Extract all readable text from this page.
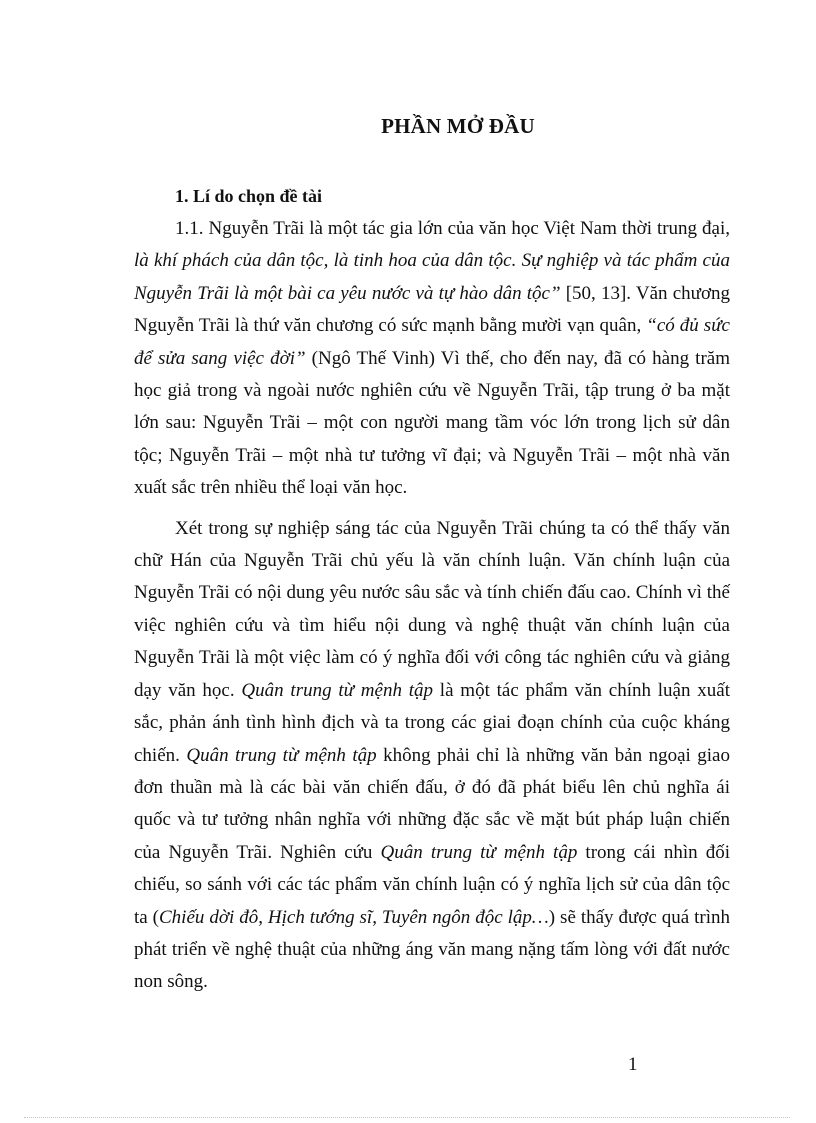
PHẦN MỞ ĐẦU
1. Lí do chọn đề tài

1.1. Nguyễn Trãi là một tác gia lớn của văn học Việt Nam thời trung đại, là khí phách của dân tộc, là tinh hoa của dân tộc. Sự nghiệp và tác phẩm của Nguyễn Trãi là một bài ca yêu nước và tự hào dân tộc” [50, 13]. Văn chương Nguyễn Trãi là thứ văn chương có sức mạnh bằng mười vạn quân, “có đủ sức để sửa sang việc đời” (Ngô Thế Vinh) Vì thế, cho đến nay, đã có hàng trăm học giả trong và ngoài nước nghiên cứu về Nguyễn Trãi, tập trung ở ba mặt lớn sau: Nguyễn Trãi – một con người mang tầm vóc lớn trong lịch sử dân tộc; Nguyễn Trãi – một nhà tư tưởng vĩ đại; và Nguyễn Trãi – một nhà văn xuất sắc trên nhiều thể loại văn học.

Xét trong sự nghiệp sáng tác của Nguyễn Trãi chúng ta có thể thấy văn chữ Hán của Nguyễn Trãi chủ yếu là văn chính luận. Văn chính luận của Nguyễn Trãi có nội dung yêu nước sâu sắc và tính chiến đấu cao. Chính vì thế việc nghiên cứu và tìm hiểu nội dung và nghệ thuật văn chính luận của Nguyễn Trãi là một việc làm có ý nghĩa đối với công tác nghiên cứu và giảng dạy văn học. Quân trung từ mệnh tập là một tác phẩm văn chính luận xuất sắc, phản ánh tình hình địch và ta trong các giai đoạn chính của cuộc kháng chiến. Quân trung từ mệnh tập không phải chỉ là những văn bản ngoại giao đơn thuần mà là các bài văn chiến đấu, ở đó đã phát biểu lên chủ nghĩa ái quốc và tư tưởng nhân nghĩa với những đặc sắc về mặt bút pháp luận chiến của Nguyễn Trãi. Nghiên cứu Quân trung từ mệnh tập trong cái nhìn đối chiếu, so sánh với các tác phẩm văn chính luận có ý nghĩa lịch sử của dân tộc ta (Chiếu dời đô, Hịch tướng sĩ, Tuyên ngôn độc lập…) sẽ thấy được quá trình phát triển về nghệ thuật của những áng văn mang nặng tấm lòng với đất nước non sông.

1
